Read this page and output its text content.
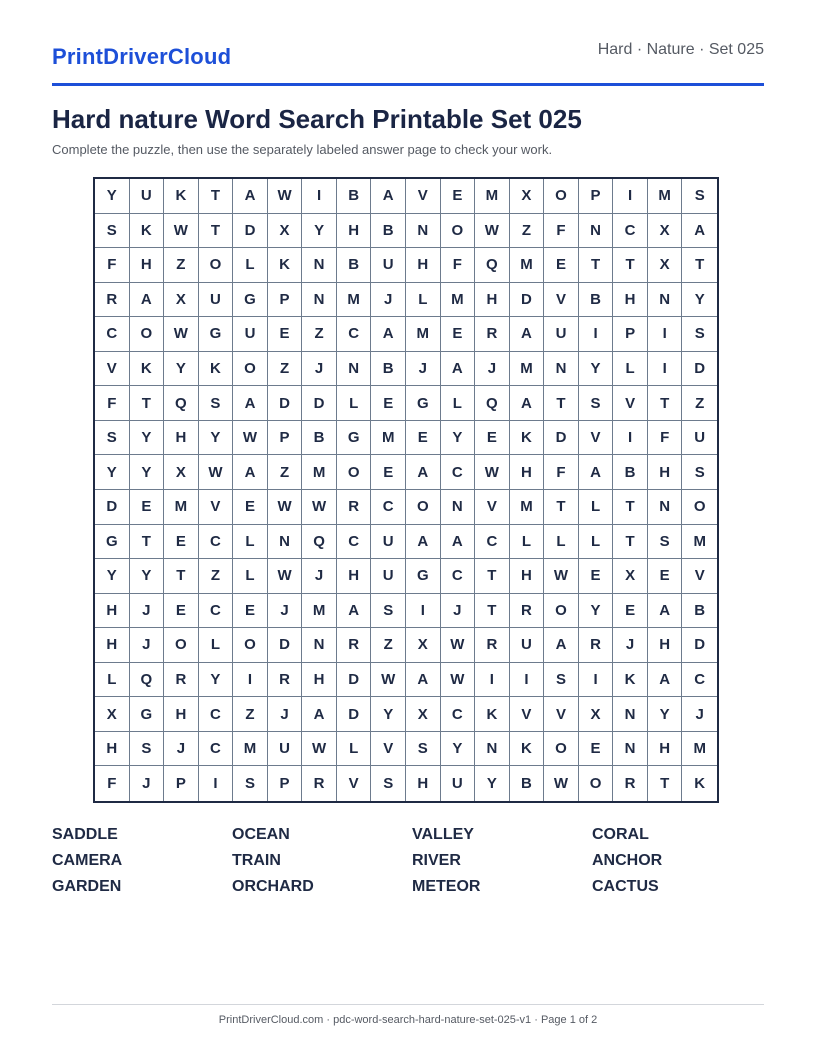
PrintDriverCloud	Hard · Nature · Set 025
Hard nature Word Search Printable Set 025
Complete the puzzle, then use the separately labeled answer page to check your work.
Y	U	K	T	A	W	I	B	A	V	E	M	X	O	P	I	M	S
S	K	W	T	D	X	Y	H	B	N	O	W	Z	F	N	C	X	A
F	H	Z	O	L	K	N	B	U	H	F	Q	M	E	T	T	X	T
R	A	X	U	G	P	N	M	J	L	M	H	D	V	B	H	N	Y
C	O	W	G	U	E	Z	C	A	M	E	R	A	U	I	P	I	S
V	K	Y	K	O	Z	J	N	B	J	A	J	M	N	Y	L	I	D
F	T	Q	S	A	D	D	L	E	G	L	Q	A	T	S	V	T	Z
S	Y	H	Y	W	P	B	G	M	E	Y	E	K	D	V	I	F	U
Y	Y	X	W	A	Z	M	O	E	A	C	W	H	F	A	B	H	S
D	E	M	V	E	W	W	R	C	O	N	V	M	T	L	T	N	O
G	T	E	C	L	N	Q	C	U	A	A	C	L	L	L	T	S	M
Y	Y	T	Z	L	W	J	H	U	G	C	T	H	W	E	X	E	V
H	J	E	C	E	J	M	A	S	I	J	T	R	O	Y	E	A	B
H	J	O	L	O	D	N	R	Z	X	W	R	U	A	R	J	H	D
L	Q	R	Y	I	R	H	D	W	A	W	I	I	S	I	K	A	C
X	G	H	C	Z	J	A	D	Y	X	C	K	V	V	X	N	Y	J
H	S	J	C	M	U	W	L	V	S	Y	N	K	O	E	N	H	M
F	J	P	I	S	P	R	V	S	H	U	Y	B	W	O	R	T	K
SADDLE	OCEAN	VALLEY	CORAL
CAMERA	TRAIN	RIVER	ANCHOR
GARDEN	ORCHARD	METEOR	CACTUS
PrintDriverCloud.com · pdc-word-search-hard-nature-set-025-v1 · Page 1 of 2
